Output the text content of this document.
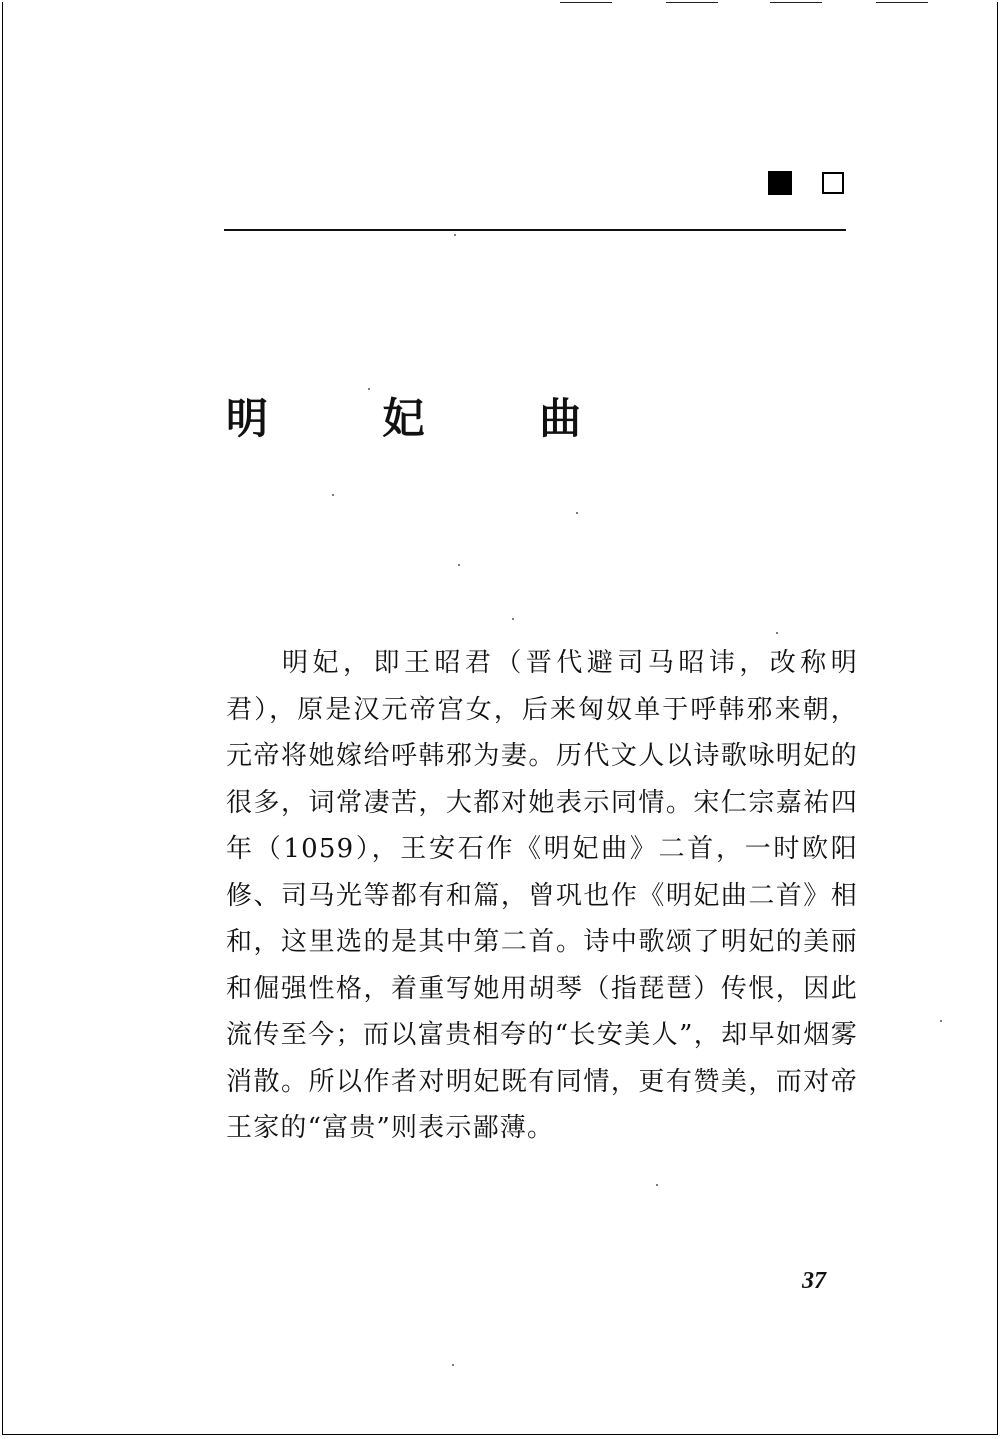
明 妃 曲

明妃，即王昭君（晋代避司马昭讳，改称明君），原是汉元帝宫女，后来匈奴单于呼韩邪来朝，元帝将她嫁给呼韩邪为妻。历代文人以诗歌咏明妃的很多，词常凄苦，大都对她表示同情。宋仁宗嘉祐四年（1059），王安石作《明妃曲》二首，一时欧阳修、司马光等都有和篇，曾巩也作《明妃曲二首》相和，这里选的是其中第二首。诗中歌颂了明妃的美丽和倔强性格，着重写她用胡琴（指琵琶）传恨，因此流传至今；而以富贵相夸的“长安美人”，却早如烟雾消散。所以作者对明妃既有同情，更有赞美，而对帝王家的“富贵”则表示鄙薄。

37
